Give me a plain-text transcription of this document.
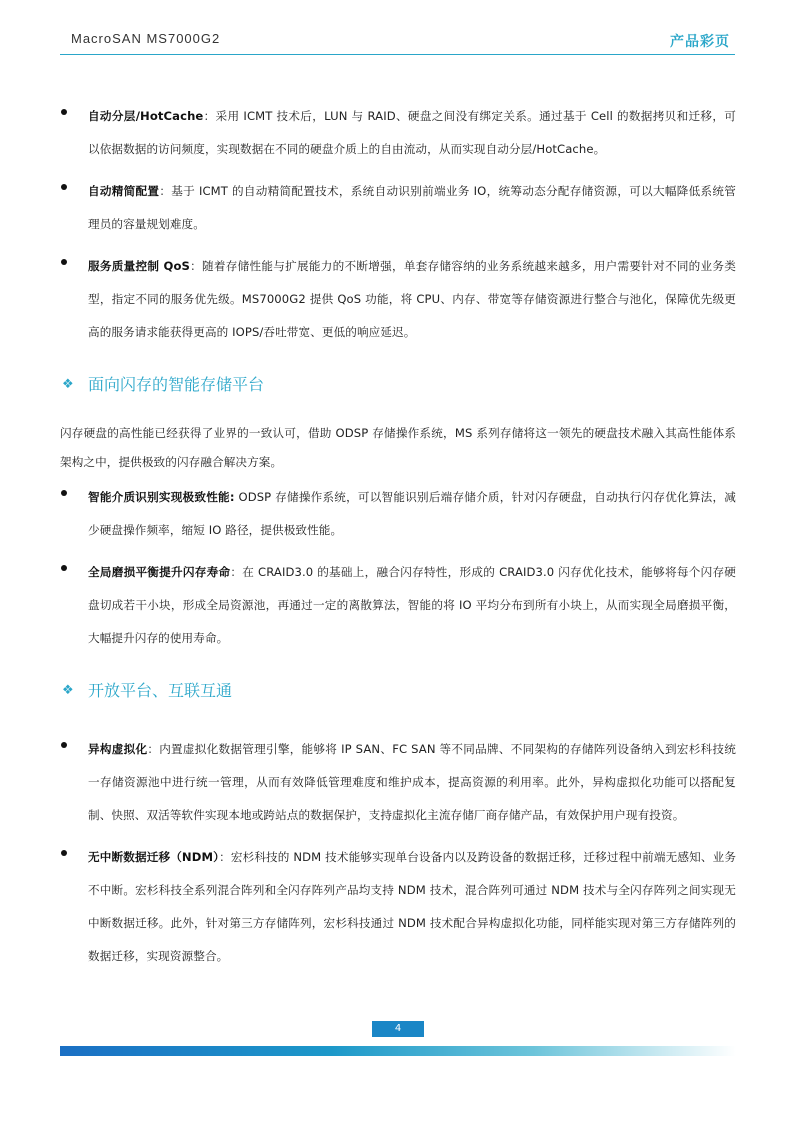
MacroSAN MS7000G2	产品彩页

自动分层/HotCache：采用 ICMT 技术后，LUN 与 RAID、硬盘之间没有绑定关系。通过基于 Cell 的数据拷贝和迁移，可以依据数据的访问频度，实现数据在不同的硬盘介质上的自由流动，从而实现自动分层/HotCache。

自动精简配置：基于 ICMT 的自动精简配置技术，系统自动识别前端业务 IO，统筹动态分配存储资源，可以大幅降低系统管理员的容量规划难度。

服务质量控制 QoS：随着存储性能与扩展能力的不断增强，单套存储容纳的业务系统越来越多，用户需要针对不同的业务类型，指定不同的服务优先级。MS7000G2 提供 QoS 功能，将 CPU、内存、带宽等存储资源进行整合与池化，保障优先级更高的服务请求能获得更高的 IOPS/吞吐带宽、更低的响应延迟。

❖ 面向闪存的智能存储平台

闪存硬盘的高性能已经获得了业界的一致认可，借助 ODSP 存储操作系统，MS 系列存储将这一领先的硬盘技术融入其高性能体系架构之中，提供极致的闪存融合解决方案。

智能介质识别实现极致性能: ODSP 存储操作系统，可以智能识别后端存储介质，针对闪存硬盘，自动执行闪存优化算法，减少硬盘操作频率，缩短 IO 路径，提供极致性能。

全局磨损平衡提升闪存寿命：在 CRAID3.0 的基础上，融合闪存特性，形成的 CRAID3.0 闪存优化技术，能够将每个闪存硬盘切成若干小块，形成全局资源池，再通过一定的离散算法，智能的将 IO 平均分布到所有小块上，从而实现全局磨损平衡，大幅提升闪存的使用寿命。

❖ 开放平台、互联互通

异构虚拟化：内置虚拟化数据管理引擎，能够将 IP SAN、FC SAN 等不同品牌、不同架构的存储阵列设备纳入到宏杉科技统一存储资源池中进行统一管理，从而有效降低管理难度和维护成本，提高资源的利用率。此外，异构虚拟化功能可以搭配复制、快照、双活等软件实现本地或跨站点的数据保护，支持虚拟化主流存储厂商存储产品，有效保护用户现有投资。

无中断数据迁移（NDM）：宏杉科技的 NDM 技术能够实现单台设备内以及跨设备的数据迁移，迁移过程中前端无感知、业务不中断。宏杉科技全系列混合阵列和全闪存阵列产品均支持 NDM 技术，混合阵列可通过 NDM 技术与全闪存阵列之间实现无中断数据迁移。此外，针对第三方存储阵列，宏杉科技通过 NDM 技术配合异构虚拟化功能，同样能实现对第三方存储阵列的数据迁移，实现资源整合。

4
